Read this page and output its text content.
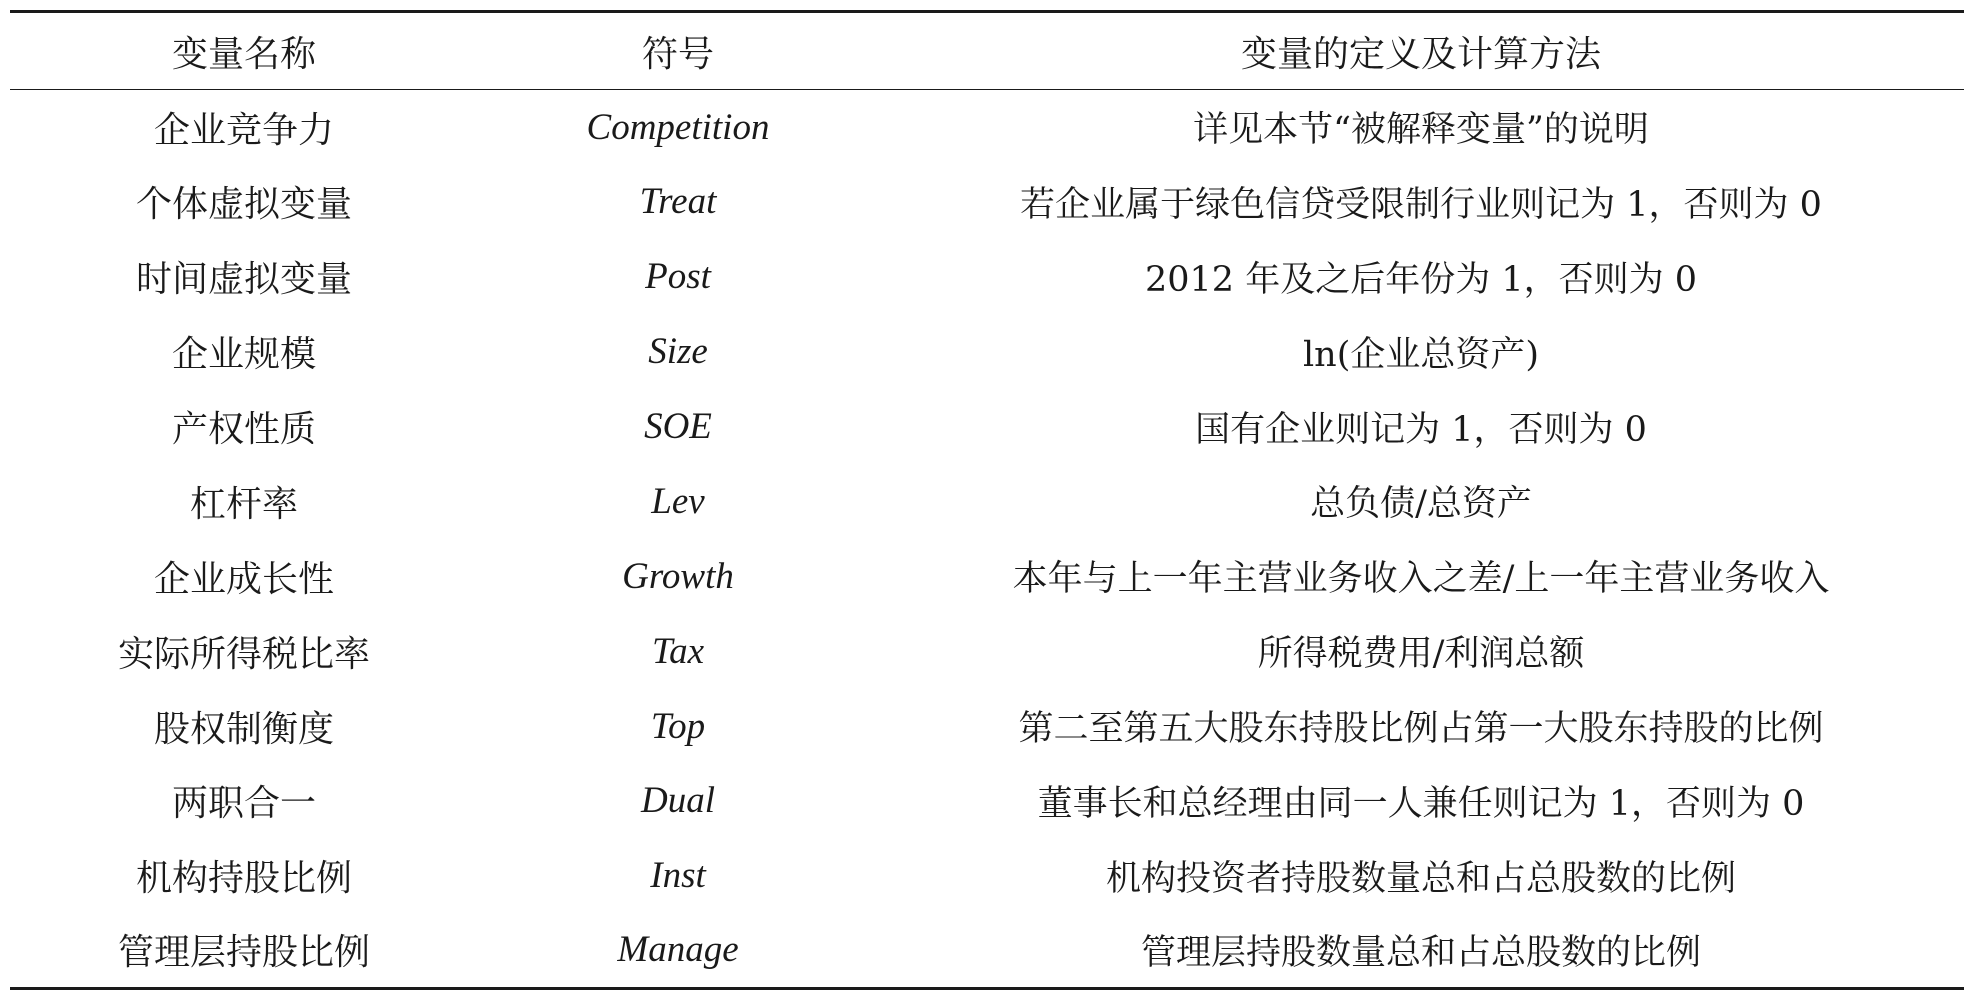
变量名称	符号	变量的定义及计算方法
企业竞争力	Competition	详见本节“被解释变量”的说明
个体虚拟变量	Treat	若企业属于绿色信贷受限制行业则记为 1，否则为 0
时间虚拟变量	Post	2012 年及之后年份为 1，否则为 0
企业规模	Size	ln(企业总资产)
产权性质	SOE	国有企业则记为 1，否则为 0
杠杆率	Lev	总负债/总资产
企业成长性	Growth	本年与上一年主营业务收入之差/上一年主营业务收入
实际所得税比率	Tax	所得税费用/利润总额
股权制衡度	Top	第二至第五大股东持股比例占第一大股东持股的比例
两职合一	Dual	董事长和总经理由同一人兼任则记为 1，否则为 0
机构持股比例	Inst	机构投资者持股数量总和占总股数的比例
管理层持股比例	Manage	管理层持股数量总和占总股数的比例
